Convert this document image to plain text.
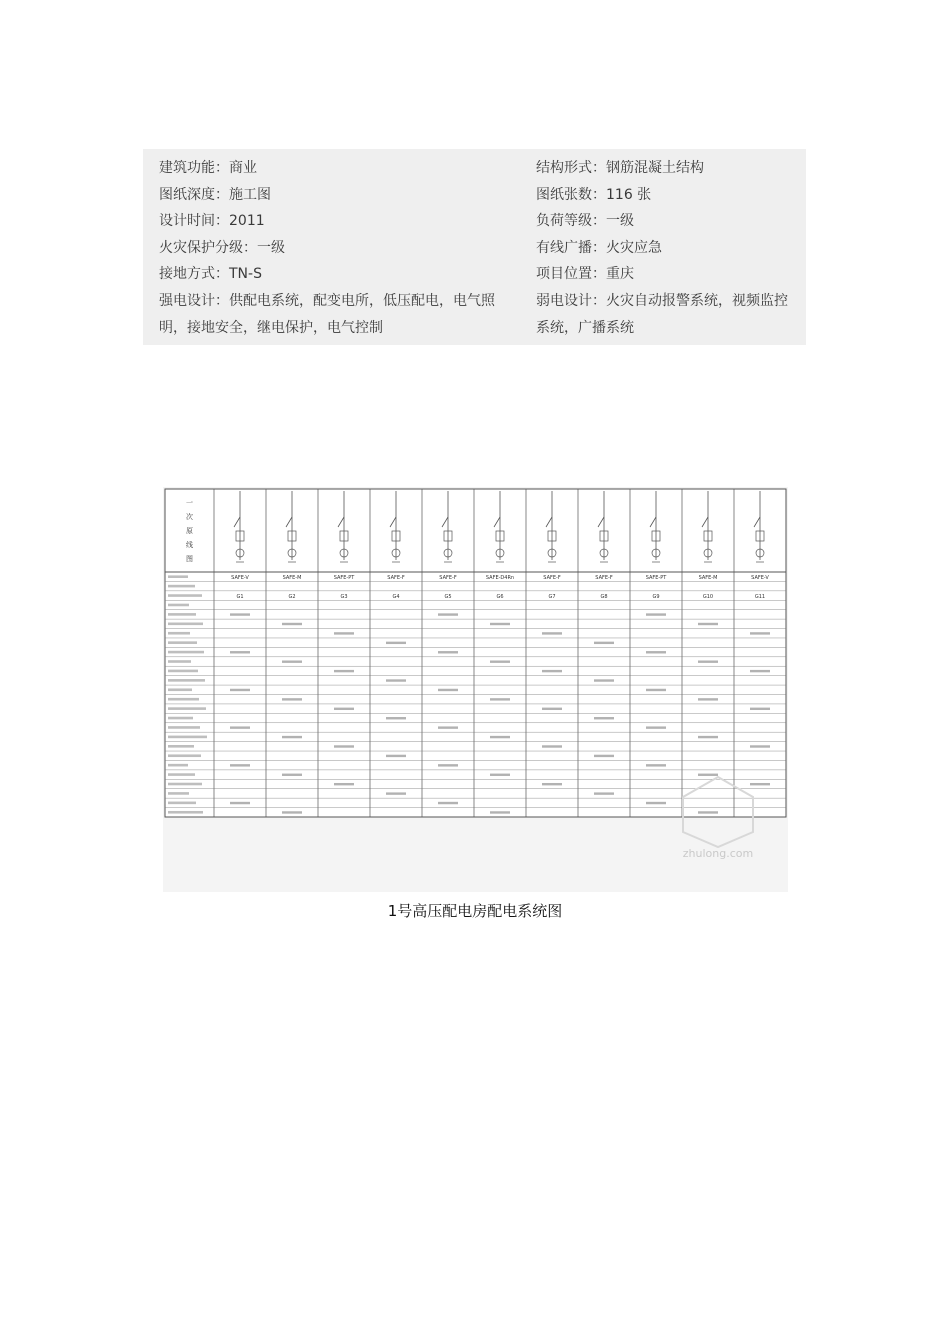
建筑功能：商业
图纸深度：施工图
设计时间：2011
火灾保护分级：一级
接地方式：TN-S
强电设计：供配电系统，配变电所，低压配电，电气照明，接地安全，继电保护，电气控制
结构形式：钢筋混凝土结构
图纸张数：116 张
负荷等级：一级
有线广播：火灾应急
项目位置：重庆
弱电设计：火灾自动报警系统，视频监控系统，广播系统
一
次
原
线
图
SAFE-V
G1
SAFE-M
G2
SAFE-PT
G3
SAFE-F
G4
SAFE-F
G5
SAFE-D4Rn
G6
SAFE-F
G7
SAFE-F
G8
SAFE-PT
G9
SAFE-M
G10
SAFE-V
G11
zhulong.com
1号高压配电房配电系统图
